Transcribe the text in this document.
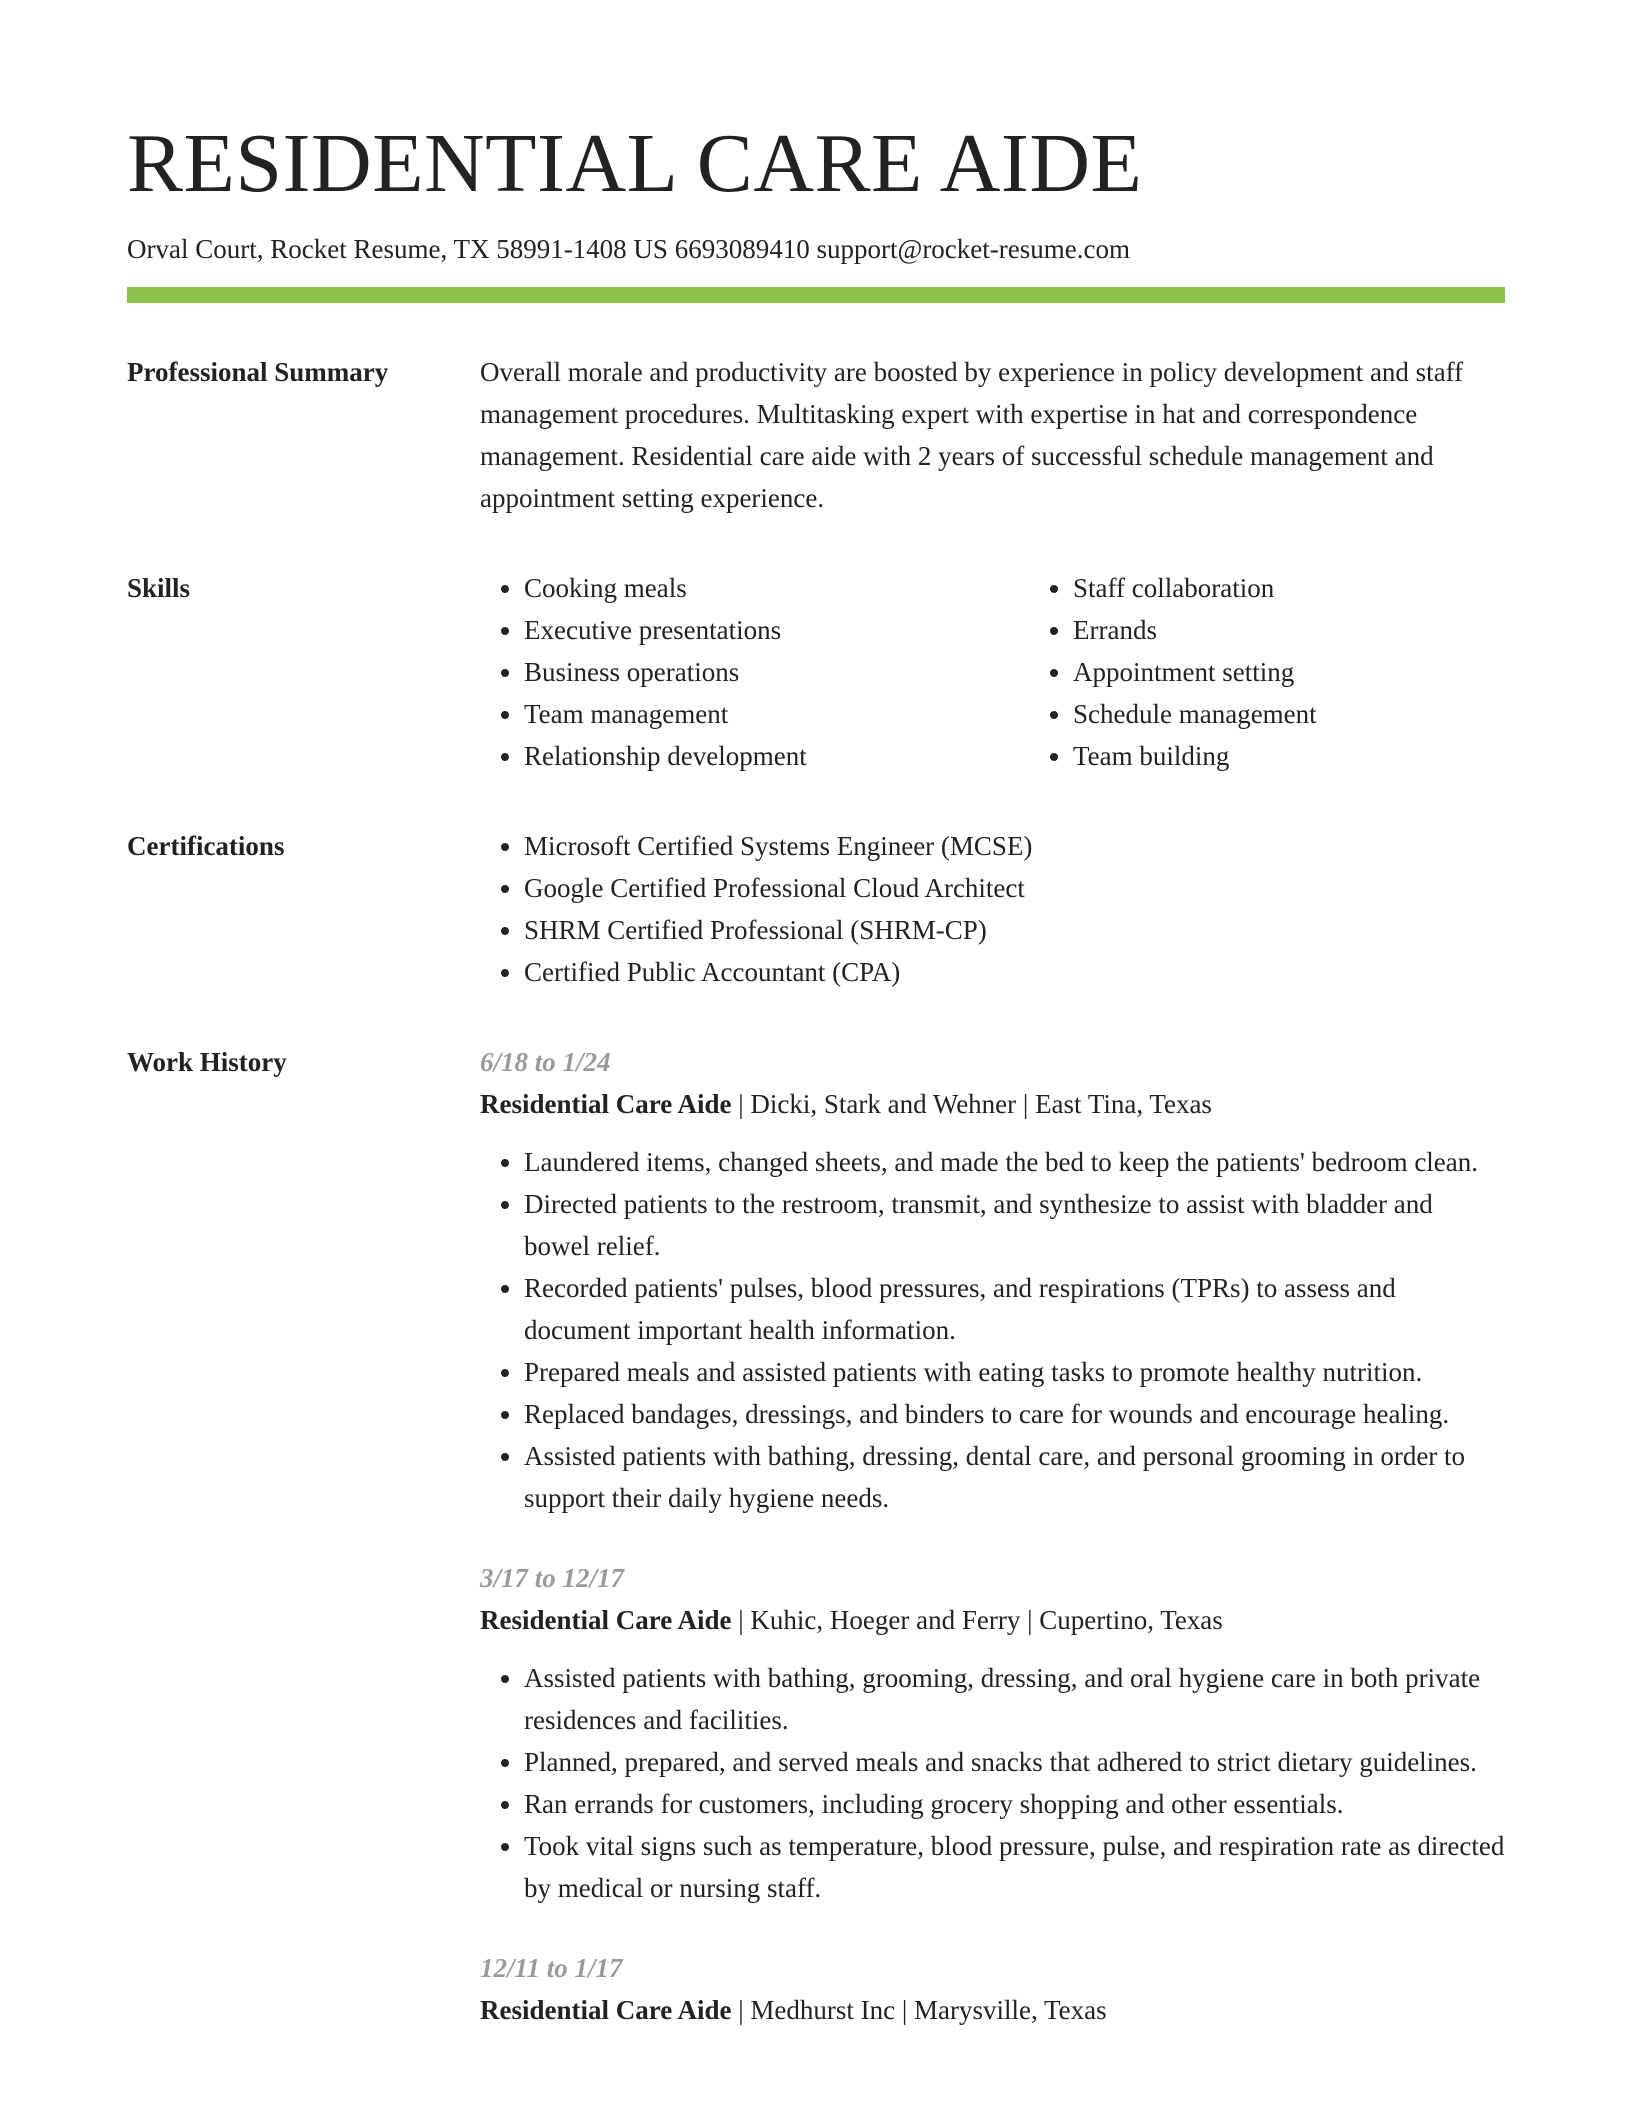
RESIDENTIAL CARE AIDE
Orval Court, Rocket Resume, TX 58991-1408 US 6693089410 support@rocket-resume.com
Professional Summary	Overall morale and productivity are boosted by experience in policy development and staff management procedures. Multitasking expert with expertise in hat and correspondence management. Residential care aide with 2 years of successful schedule management and appointment setting experience.
Skills	• Cooking meals
• Executive presentations
• Business operations
• Team management
• Relationship development
• Staff collaboration
• Errands
• Appointment setting
• Schedule management
• Team building
Certifications	• Microsoft Certified Systems Engineer (MCSE)
• Google Certified Professional Cloud Architect
• SHRM Certified Professional (SHRM-CP)
• Certified Public Accountant (CPA)
Work History	6/18 to 1/24
Residential Care Aide | Dicki, Stark and Wehner | East Tina, Texas
• Laundered items, changed sheets, and made the bed to keep the patients' bedroom clean.
• Directed patients to the restroom, transmit, and synthesize to assist with bladder and bowel relief.
• Recorded patients' pulses, blood pressures, and respirations (TPRs) to assess and document important health information.
• Prepared meals and assisted patients with eating tasks to promote healthy nutrition.
• Replaced bandages, dressings, and binders to care for wounds and encourage healing.
• Assisted patients with bathing, dressing, dental care, and personal grooming in order to support their daily hygiene needs.
3/17 to 12/17
Residential Care Aide | Kuhic, Hoeger and Ferry | Cupertino, Texas
• Assisted patients with bathing, grooming, dressing, and oral hygiene care in both private residences and facilities.
• Planned, prepared, and served meals and snacks that adhered to strict dietary guidelines.
• Ran errands for customers, including grocery shopping and other essentials.
• Took vital signs such as temperature, blood pressure, pulse, and respiration rate as directed by medical or nursing staff.
12/11 to 1/17
Residential Care Aide | Medhurst Inc | Marysville, Texas
